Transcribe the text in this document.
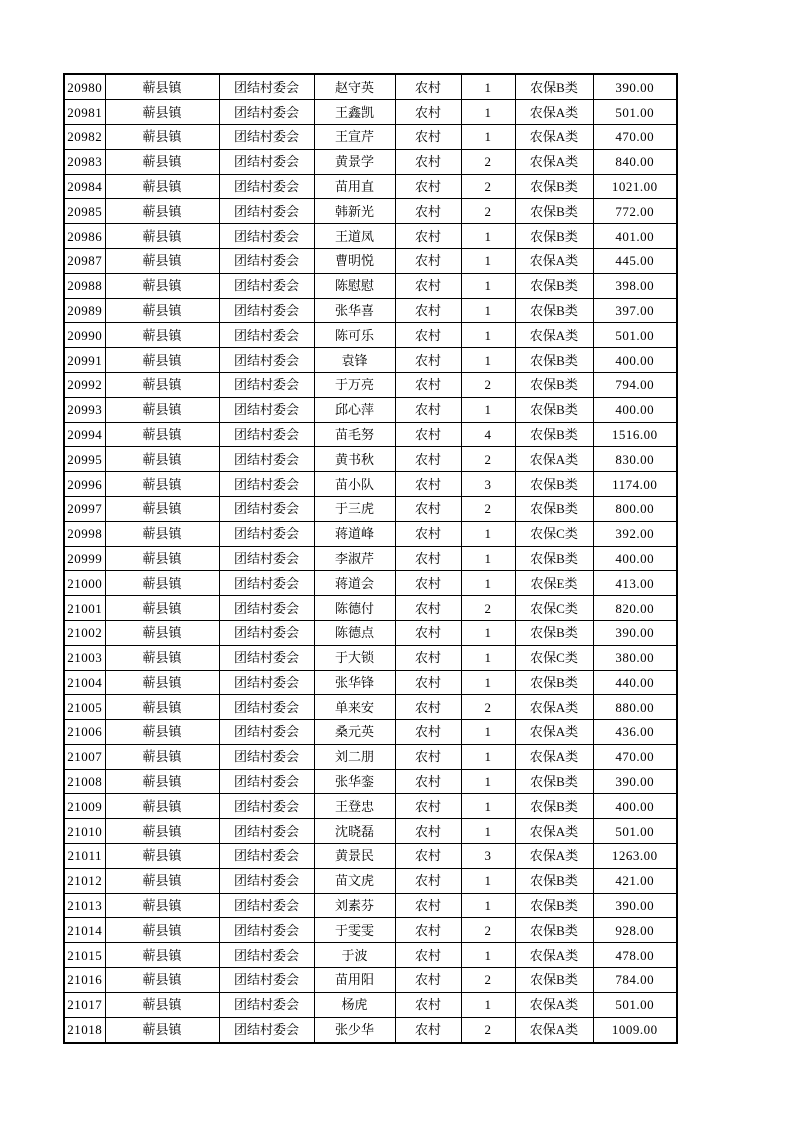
20980	蕲县镇	团结村委会	赵守英	农村	1	农保B类	390.00
20981	蕲县镇	团结村委会	王鑫凯	农村	1	农保A类	501.00
20982	蕲县镇	团结村委会	王宣芹	农村	1	农保A类	470.00
20983	蕲县镇	团结村委会	黄景学	农村	2	农保A类	840.00
20984	蕲县镇	团结村委会	苗用直	农村	2	农保B类	1021.00
20985	蕲县镇	团结村委会	韩新光	农村	2	农保B类	772.00
20986	蕲县镇	团结村委会	王道凤	农村	1	农保B类	401.00
20987	蕲县镇	团结村委会	曹明悦	农村	1	农保A类	445.00
20988	蕲县镇	团结村委会	陈慰慰	农村	1	农保B类	398.00
20989	蕲县镇	团结村委会	张华喜	农村	1	农保B类	397.00
20990	蕲县镇	团结村委会	陈可乐	农村	1	农保A类	501.00
20991	蕲县镇	团结村委会	袁锋	农村	1	农保B类	400.00
20992	蕲县镇	团结村委会	于万亮	农村	2	农保B类	794.00
20993	蕲县镇	团结村委会	邱心萍	农村	1	农保B类	400.00
20994	蕲县镇	团结村委会	苗毛努	农村	4	农保B类	1516.00
20995	蕲县镇	团结村委会	黄书秋	农村	2	农保A类	830.00
20996	蕲县镇	团结村委会	苗小队	农村	3	农保B类	1174.00
20997	蕲县镇	团结村委会	于三虎	农村	2	农保B类	800.00
20998	蕲县镇	团结村委会	蒋道峰	农村	1	农保C类	392.00
20999	蕲县镇	团结村委会	李淑芹	农村	1	农保B类	400.00
21000	蕲县镇	团结村委会	蒋道会	农村	1	农保E类	413.00
21001	蕲县镇	团结村委会	陈德付	农村	2	农保C类	820.00
21002	蕲县镇	团结村委会	陈德点	农村	1	农保B类	390.00
21003	蕲县镇	团结村委会	于大锁	农村	1	农保C类	380.00
21004	蕲县镇	团结村委会	张华锋	农村	1	农保B类	440.00
21005	蕲县镇	团结村委会	单来安	农村	2	农保A类	880.00
21006	蕲县镇	团结村委会	桑元英	农村	1	农保A类	436.00
21007	蕲县镇	团结村委会	刘二朋	农村	1	农保A类	470.00
21008	蕲县镇	团结村委会	张华銮	农村	1	农保B类	390.00
21009	蕲县镇	团结村委会	王登忠	农村	1	农保B类	400.00
21010	蕲县镇	团结村委会	沈晓磊	农村	1	农保A类	501.00
21011	蕲县镇	团结村委会	黄景民	农村	3	农保A类	1263.00
21012	蕲县镇	团结村委会	苗文虎	农村	1	农保B类	421.00
21013	蕲县镇	团结村委会	刘素芬	农村	1	农保B类	390.00
21014	蕲县镇	团结村委会	于雯雯	农村	2	农保B类	928.00
21015	蕲县镇	团结村委会	于波	农村	1	农保A类	478.00
21016	蕲县镇	团结村委会	苗用阳	农村	2	农保B类	784.00
21017	蕲县镇	团结村委会	杨虎	农村	1	农保A类	501.00
21018	蕲县镇	团结村委会	张少华	农村	2	农保A类	1009.00
